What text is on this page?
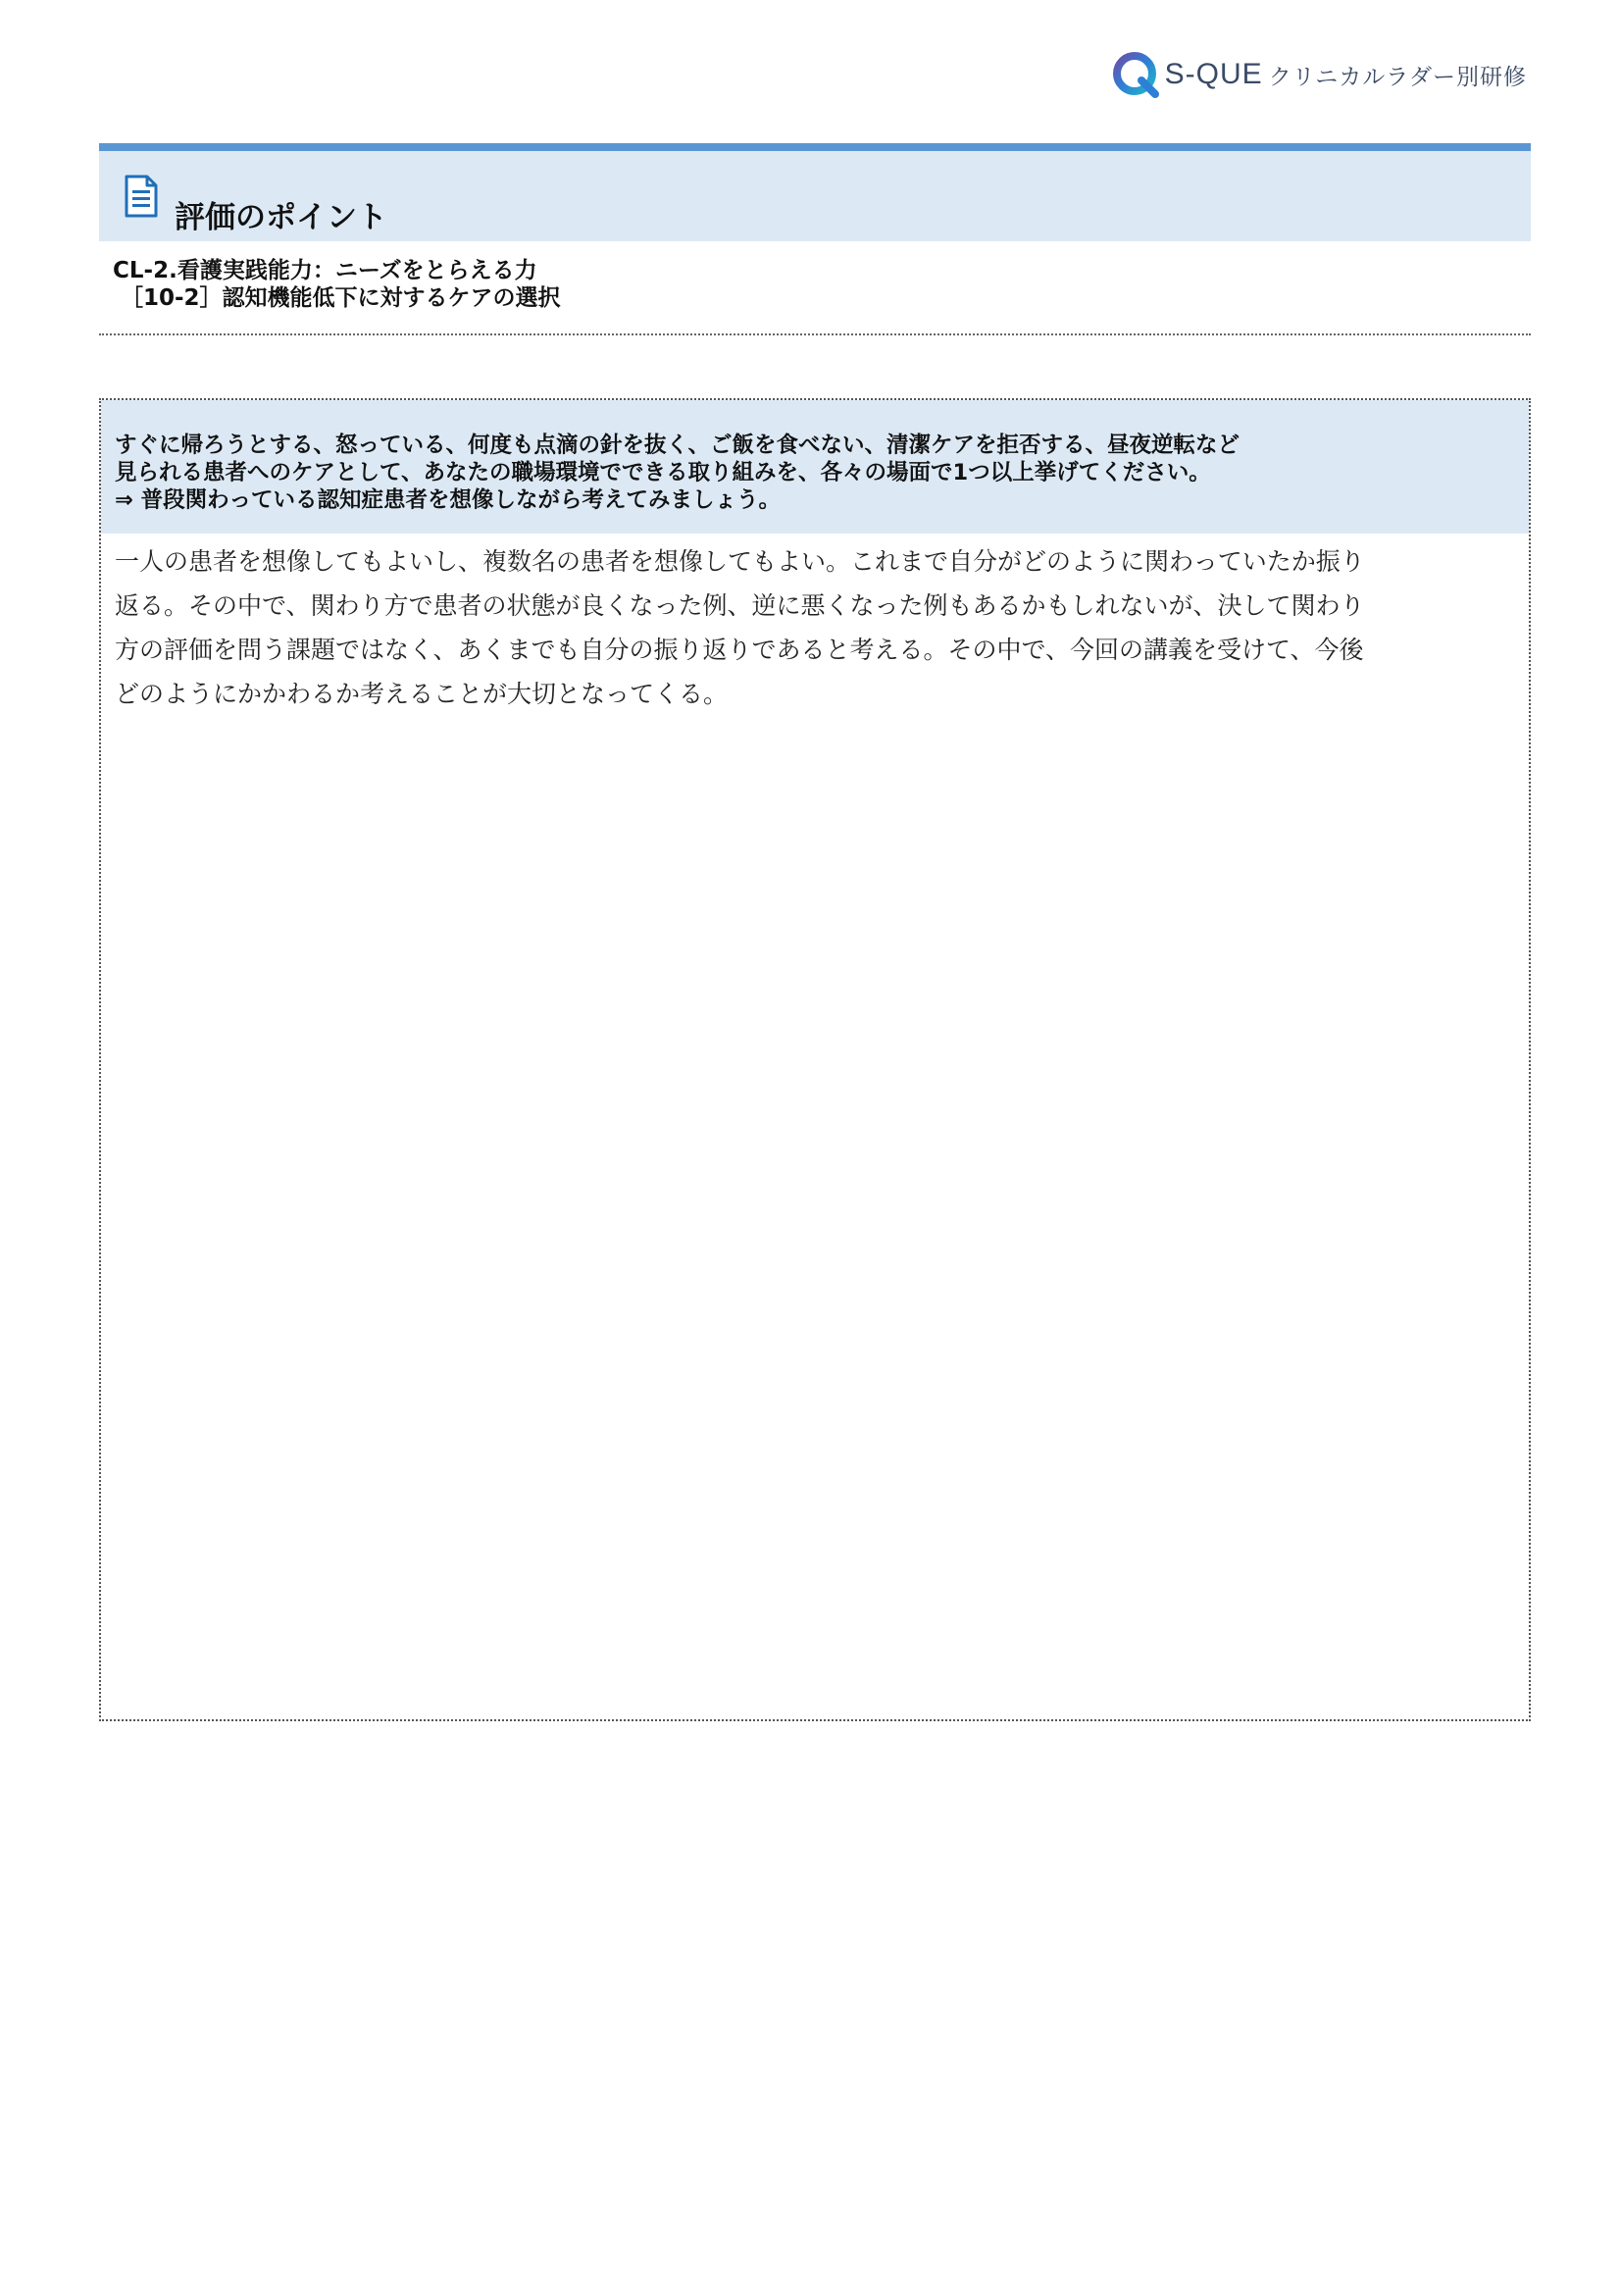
S-QUE クリニカルラダー別研修
評価のポイント
CL-2.看護実践能力：ニーズをとらえる力
［10-2］認知機能低下に対するケアの選択
すぐに帰ろうとする、怒っている、何度も点滴の針を抜く、ご飯を食べない、清潔ケアを拒否する、昼夜逆転など
見られる患者へのケアとして、あなたの職場環境でできる取り組みを、各々の場面で1つ以上挙げてください。
⇒ 普段関わっている認知症患者を想像しながら考えてみましょう。
一人の患者を想像してもよいし、複数名の患者を想像してもよい。これまで自分がどのように関わっていたか振り
返る。その中で、関わり方で患者の状態が良くなった例、逆に悪くなった例もあるかもしれないが、決して関わり
方の評価を問う課題ではなく、あくまでも自分の振り返りであると考える。その中で、今回の講義を受けて、今後
どのようにかかわるか考えることが大切となってくる。
